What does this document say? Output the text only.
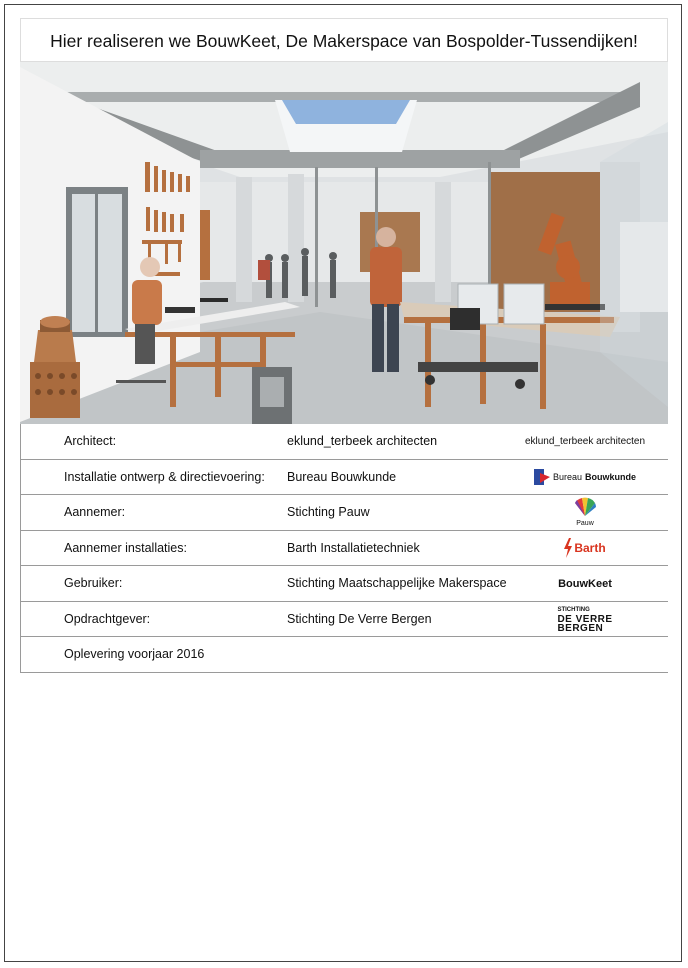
Hier realiseren we BouwKeet, De Makerspace van Bospolder-Tussendijken!
Architect:	eklund_terbeek architecten	eklund_terbeek architecten
Installatie ontwerp & directievoering: Bureau Bouwkunde	Bureau Bouwkunde
Aannemer:	Stichting Pauw

Pauw
Aannemer installaties:	Barth Installatietechniek	Barth
Gebruiker:	Stichting Maatschappelijke Makerspace	BouwKeet
Opdrachtgever:	Stichting De Verre Bergen
STICHTING
DE VERRE
BERGEN
Oplevering voorjaar 2016
